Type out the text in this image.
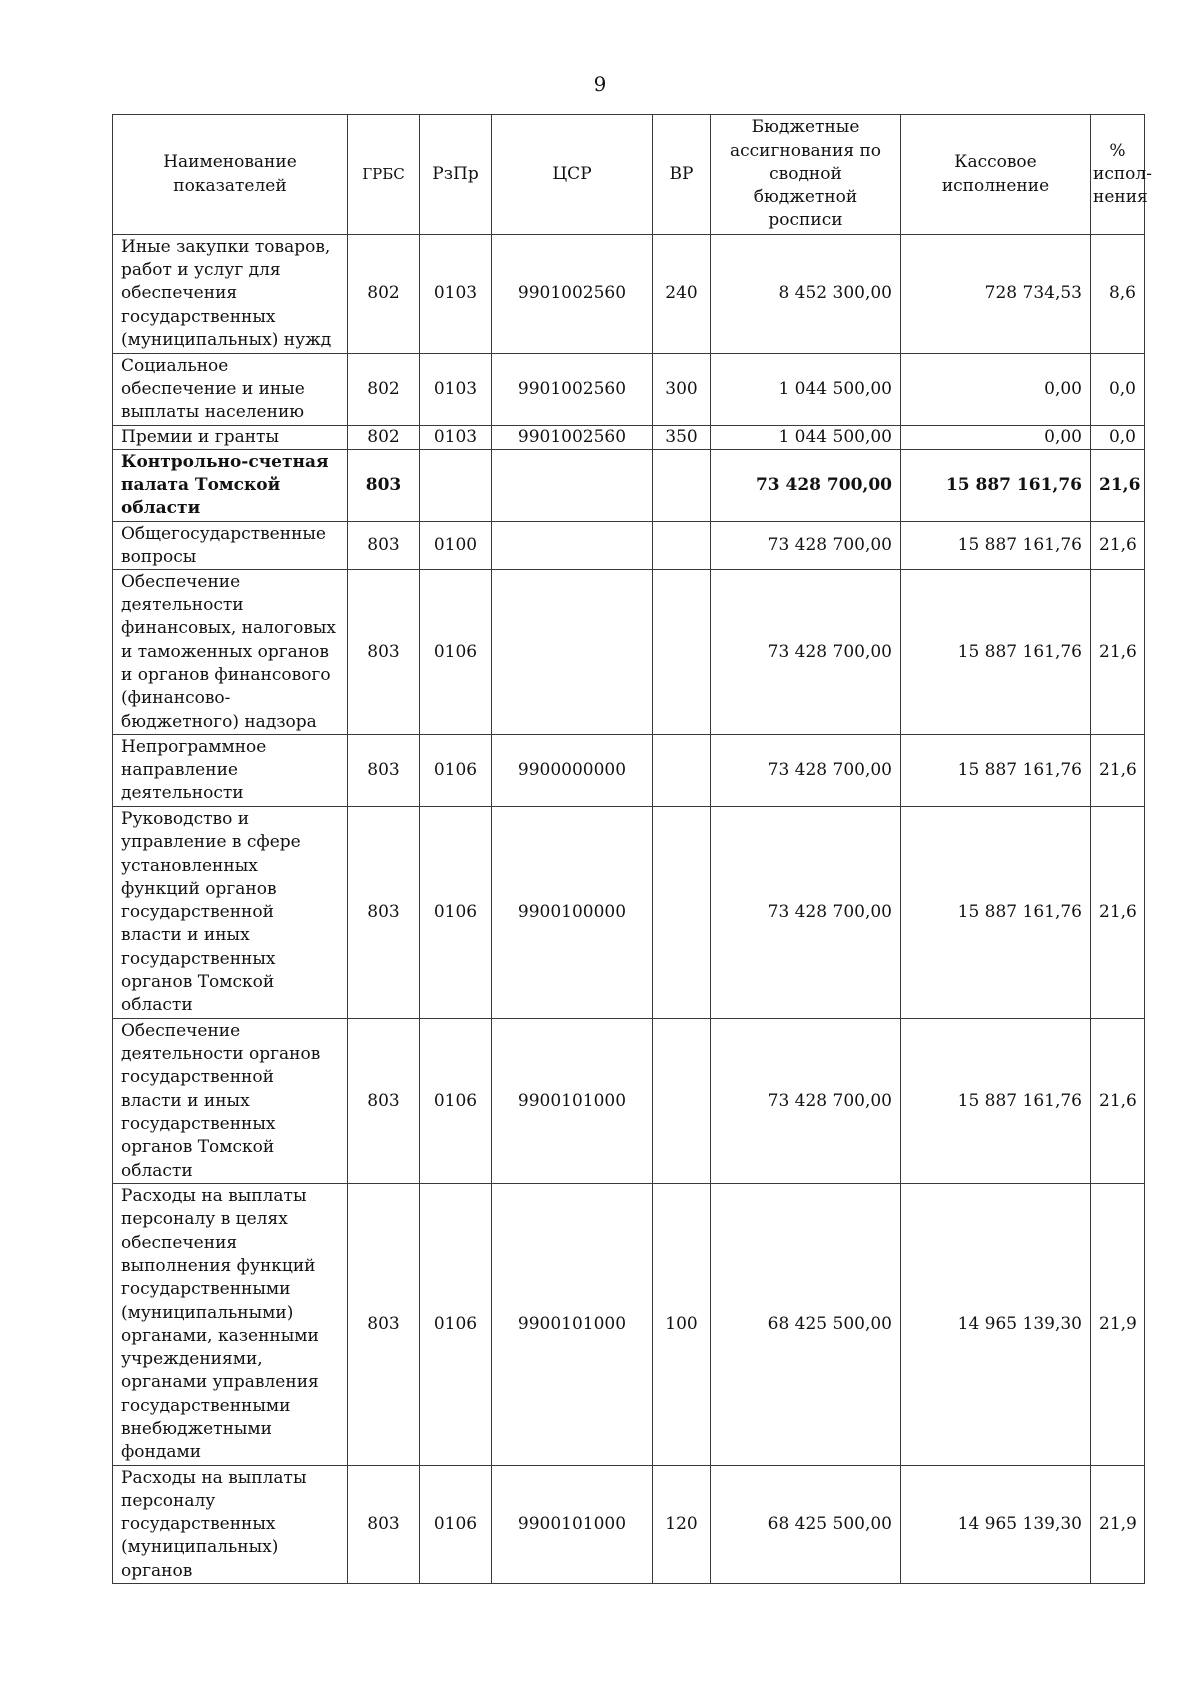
9
Наименование показателей	ГРБС	РзПр	ЦСР	ВР	Бюджетные ассигнования по сводной бюджетной росписи	Кассовое исполнение	% испол-нения
Иные закупки товаров, работ и услуг для обеспечения государственных (муниципальных) нужд	802	0103	9901002560	240	8 452 300,00	728 734,53	8,6
Социальное обеспечение и иные выплаты населению	802	0103	9901002560	300	1 044 500,00	0,00	0,0
Премии и гранты	802	0103	9901002560	350	1 044 500,00	0,00	0,0
Контрольно-счетная палата Томской области	803				73 428 700,00	15 887 161,76	21,6
Общегосударственные вопросы	803	0100			73 428 700,00	15 887 161,76	21,6
Обеспечение деятельности финансовых, налоговых и таможенных органов и органов финансового (финансово-бюджетного) надзора	803	0106			73 428 700,00	15 887 161,76	21,6
Непрограммное направление деятельности	803	0106	9900000000		73 428 700,00	15 887 161,76	21,6
Руководство и управление в сфере установленных функций органов государственной власти и иных государственных органов Томской области	803	0106	9900100000		73 428 700,00	15 887 161,76	21,6
Обеспечение деятельности органов государственной власти и иных государственных органов Томской области	803	0106	9900101000		73 428 700,00	15 887 161,76	21,6
Расходы на выплаты персоналу в целях обеспечения выполнения функций государственными (муниципальными) органами, казенными учреждениями, органами управления государственными внебюджетными фондами	803	0106	9900101000	100	68 425 500,00	14 965 139,30	21,9
Расходы на выплаты персоналу государственных (муниципальных) органов	803	0106	9900101000	120	68 425 500,00	14 965 139,30	21,9
